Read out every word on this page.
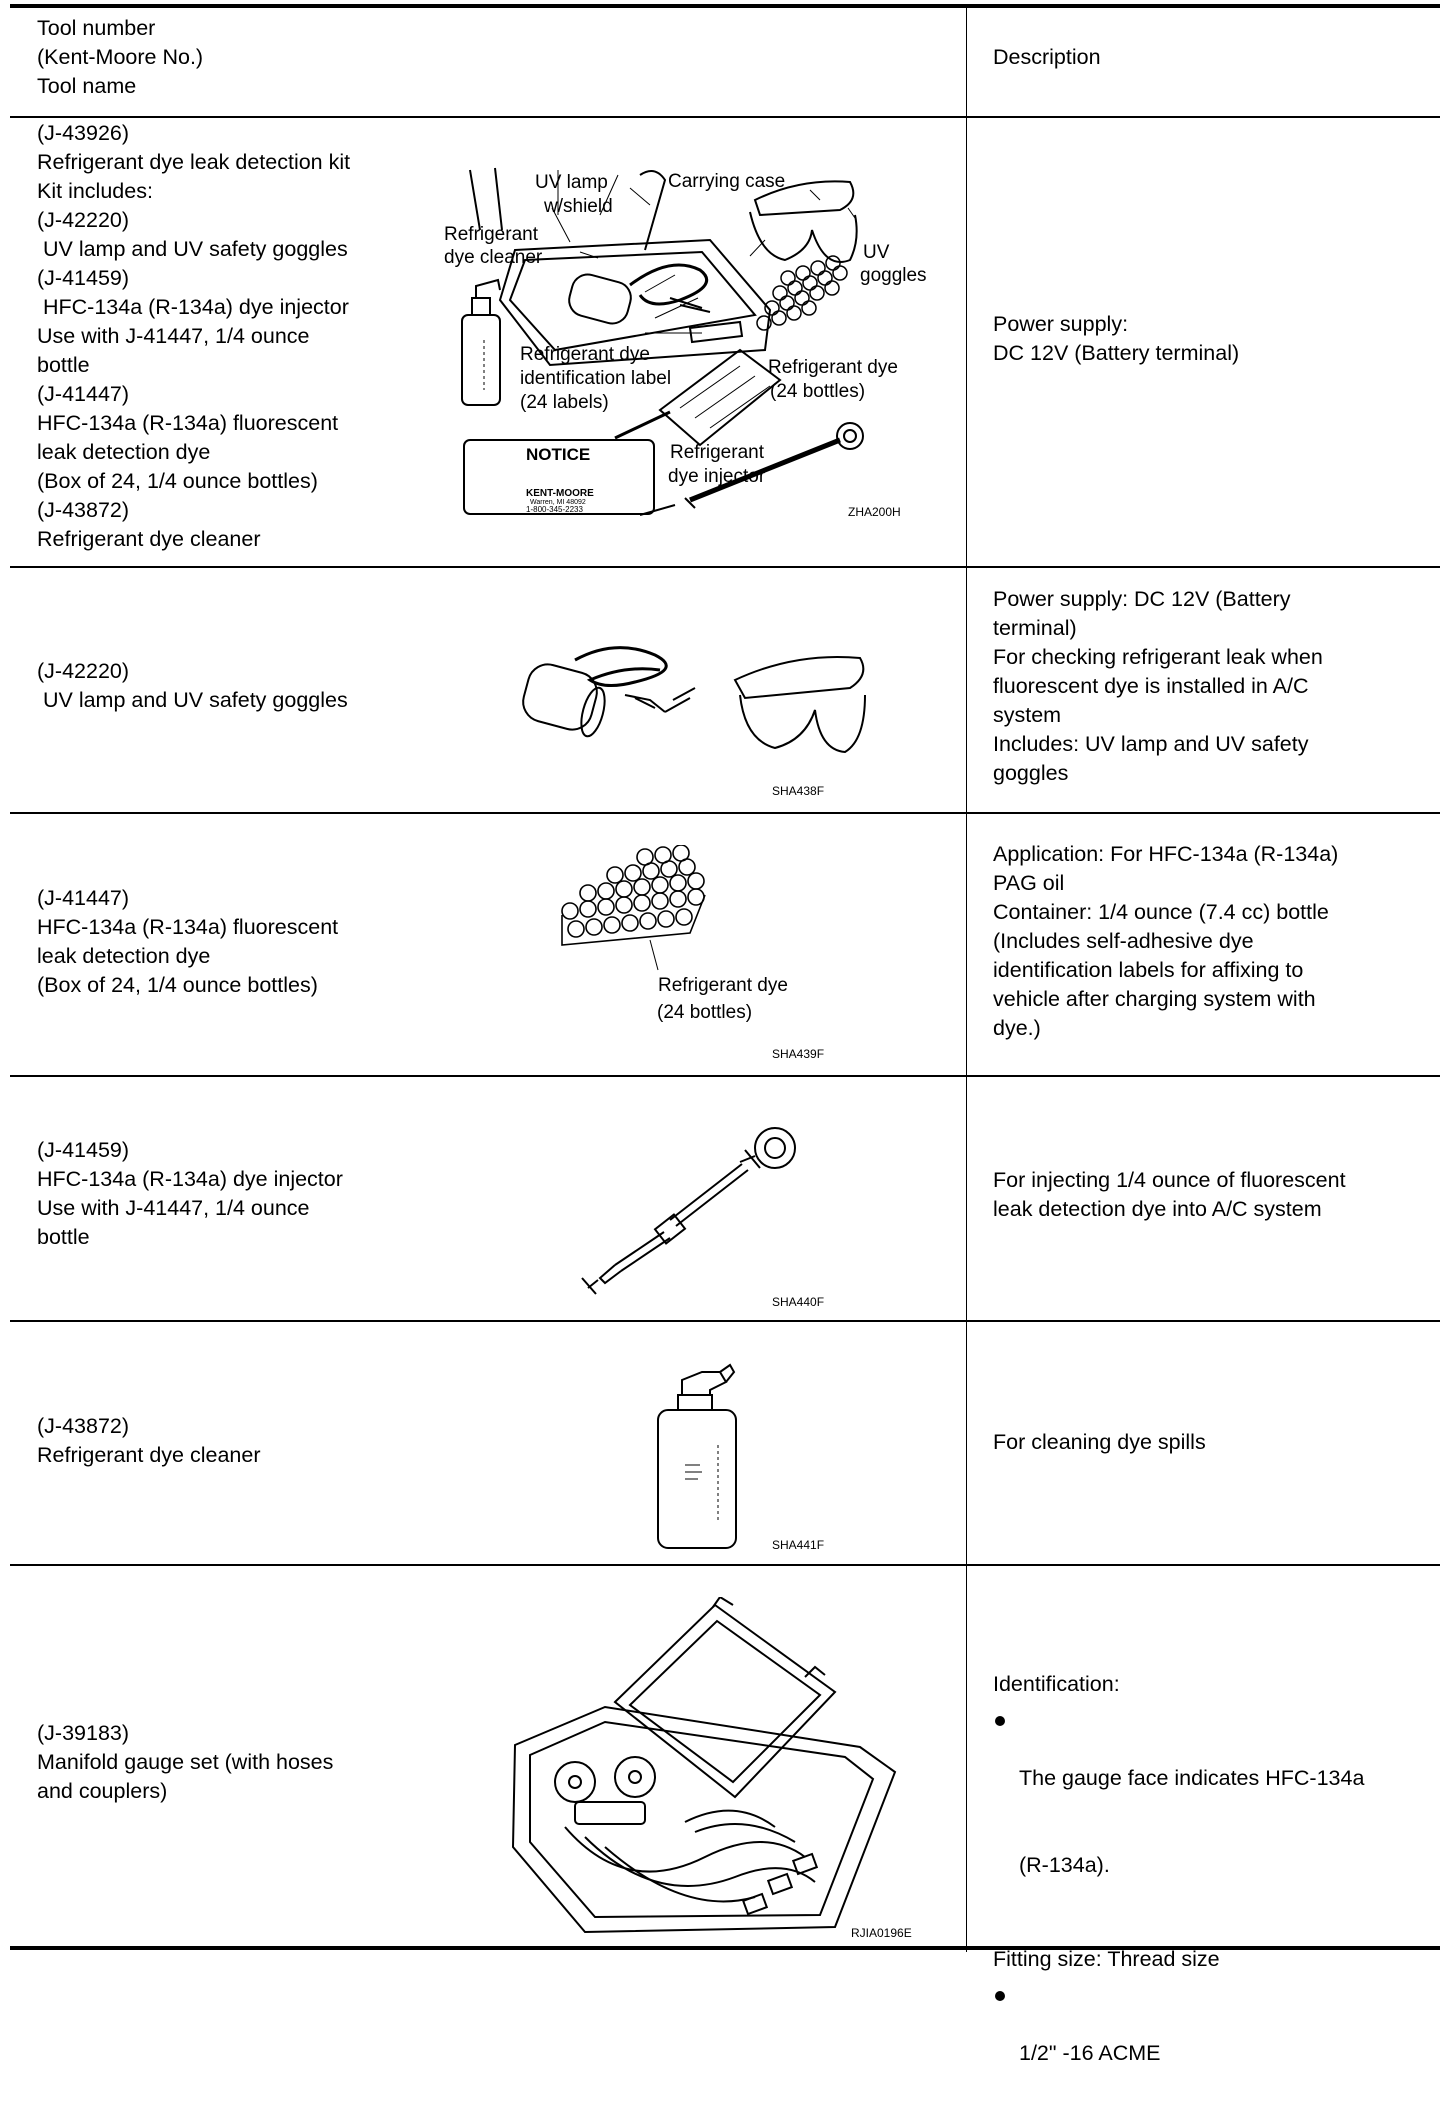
Tool number
(Kent-Moore No.)
Tool name
Description
(J-43926)
Refrigerant dye leak detection kit
Kit includes:
(J-42220)
UV lamp and UV safety goggles
(J-41459)
HFC-134a (R-134a) dye injector
Use with J-41447, 1/4 ounce
bottle
(J-41447)
HFC-134a (R-134a) fluorescent
leak detection dye
(Box of 24, 1/4 ounce bottles)
(J-43872)
Refrigerant dye cleaner
Power supply:
DC 12V (Battery terminal)
UV lamp
w/shield
Carrying case
Refrigerant
dye cleaner	UV
goggles
Refrigerant dye
identification label
(24 labels)
Refrigerant dye
(24 bottles)
Refrigerant
dye injector
NOTICE
KENT-MOORE
Warren, MI 48092
1-800-345-2233	ZHA200H
(J-42220)
UV lamp and UV safety goggles
Power supply: DC 12V (Battery
terminal)
For checking refrigerant leak when
fluorescent dye is installed in A/C
system
Includes: UV lamp and UV safety
goggles
SHA438F
(J-41447)
HFC-134a (R-134a) fluorescent
leak detection dye
(Box of 24, 1/4 ounce bottles)
Application: For HFC-134a (R-134a)
PAG oil
Container: 1/4 ounce (7.4 cc) bottle
(Includes self-adhesive dye
identification labels for affixing to
vehicle after charging system with
dye.)
Refrigerant dye
(24 bottles)
SHA439F
(J-41459)
HFC-134a (R-134a) dye injector
Use with J-41447, 1/4 ounce
bottle
For injecting 1/4 ounce of fluorescent
leak detection dye into A/C system
SHA440F
(J-43872)
Refrigerant dye cleaner
For cleaning dye spills
SHA441F
(J-39183)
Manifold gauge set (with hoses
and couplers)
Identification:

The gauge face indicates HFC-134a

(R-134a).

Fitting size: Thread size

1/2" -16 ACME

RJIA0196E
